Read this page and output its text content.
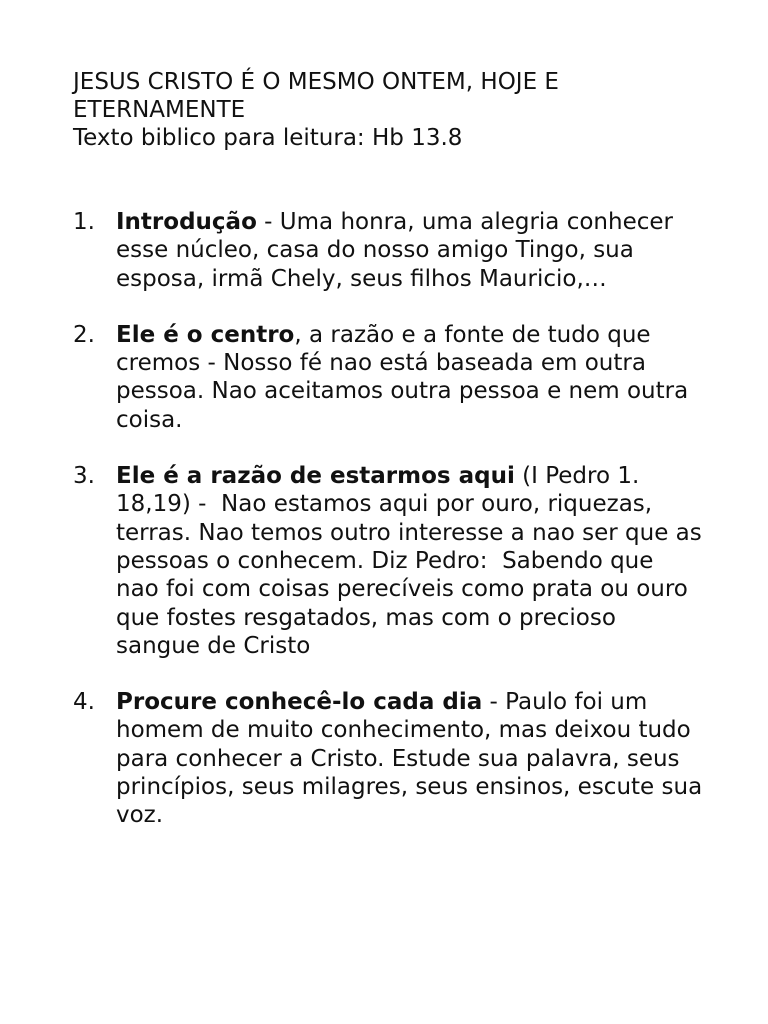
JESUS CRISTO É O MESMO ONTEM, HOJE E

ETERNAMENTE

Texto biblico para leitura: Hb 13.8

1. Introdução - Uma honra, uma alegria conhecer esse núcleo, casa do nosso amigo Tingo, sua esposa, irmã Chely, seus filhos Mauricio,…
2. Ele é o centro, a razão e a fonte de tudo que cremos - Nosso fé nao está baseada em outra pessoa. Nao aceitamos outra pessoa e nem outra coisa.
3. Ele é a razão de estarmos aqui (I Pedro 1. 18,19) -  Nao estamos aqui por ouro, riquezas, terras. Nao temos outro interesse a nao ser que as pessoas o conhecem. Diz Pedro:  Sabendo que nao foi com coisas perecíveis como prata ou ouro que fostes resgatados, mas com o precioso sangue de Cristo
4. Procure conhecê-lo cada dia - Paulo foi um homem de muito conhecimento, mas deixou tudo para conhecer a Cristo. Estude sua palavra, seus princípios, seus milagres, seus ensinos, escute sua voz.
